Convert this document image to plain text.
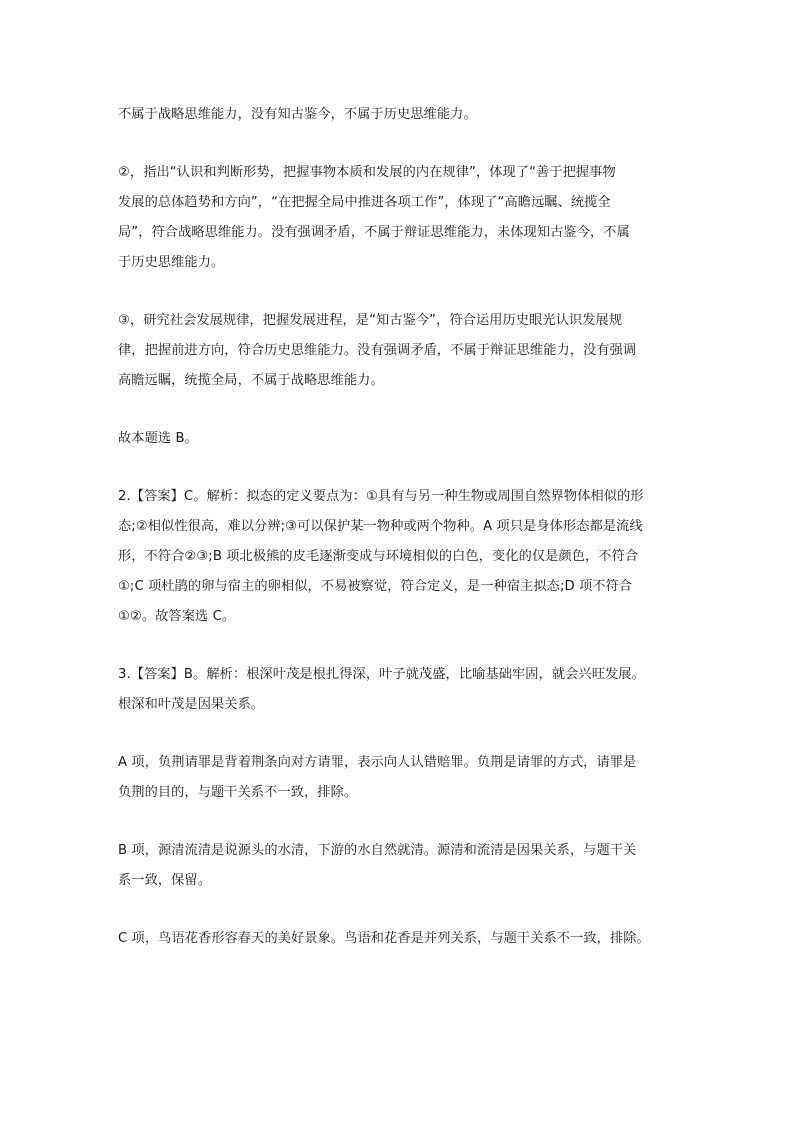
不属于战略思维能力，没有知古鉴今，不属于历史思维能力。

②，指出“认识和判断形势，把握事物本质和发展的内在规律”，体现了“善于把握事物
发展的总体趋势和方向”，“在把握全局中推进各项工作”，体现了“高瞻远瞩、统揽全
局”，符合战略思维能力。没有强调矛盾，不属于辩证思维能力，未体现知古鉴今，不属
于历史思维能力。

③，研究社会发展规律，把握发展进程，是“知古鉴今”，符合运用历史眼光认识发展规
律，把握前进方向，符合历史思维能力。没有强调矛盾，不属于辩证思维能力，没有强调
高瞻远瞩，统揽全局，不属于战略思维能力。

故本题选 B。

2.【答案】C。解析：拟态的定义要点为：①具有与另一种生物或周围自然界物体相似的形
态;②相似性很高，难以分辨;③可以保护某一物种或两个物种。A 项只是身体形态都是流线
形，不符合②③;B 项北极熊的皮毛逐渐变成与环境相似的白色，变化的仅是颜色，不符合
①;C 项杜鹃的卵与宿主的卵相似，不易被察觉，符合定义，是一种宿主拟态;D 项不符合
①②。故答案选 C。

3.【答案】B。解析：根深叶茂是根扎得深，叶子就茂盛，比喻基础牢固，就会兴旺发展。
根深和叶茂是因果关系。

A 项，负荆请罪是背着荆条向对方请罪，表示向人认错赔罪。负荆是请罪的方式，请罪是
负荆的目的，与题干关系不一致，排除。

B 项，源清流清是说源头的水清，下游的水自然就清。源清和流清是因果关系，与题干关
系一致，保留。

C 项，鸟语花香形容春天的美好景象。鸟语和花香是并列关系，与题干关系不一致，排除。
